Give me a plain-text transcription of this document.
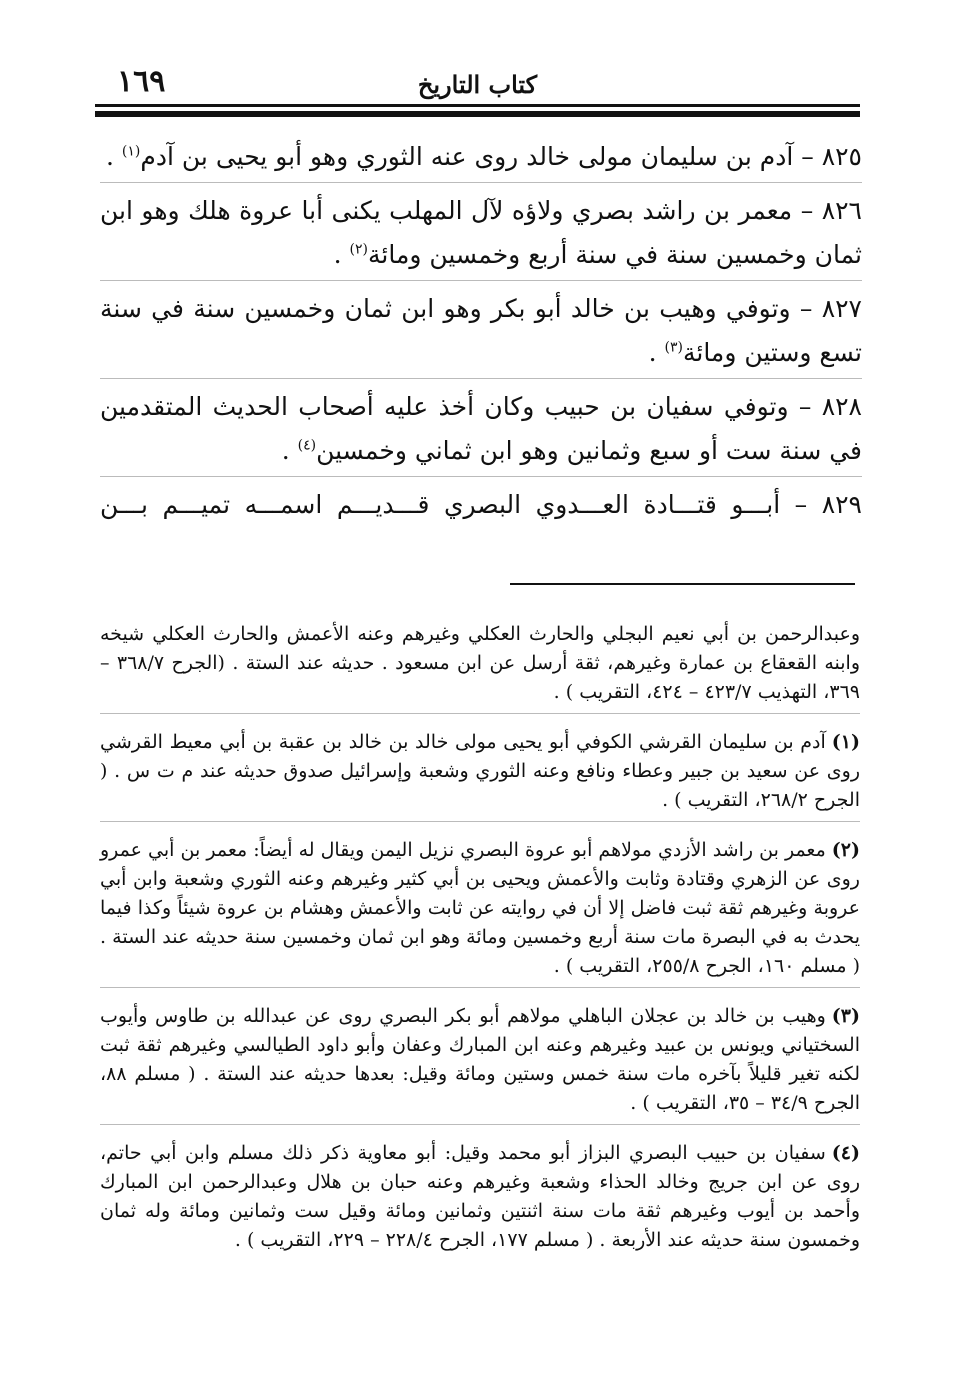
١٦٩	كتاب التاريخ

٨٢٥ – آدم بن سليمان مولى خالد روى عنه الثوري وهو أبو يحيى بن آدم$^{(١)}$ .

٨٢٦ – معمر بن راشد بصري ولاؤه لآل المهلب يكنى أبا عروة هلك وهو ابن ثمان وخمسين سنة في سنة أربع وخمسين ومائة$^{(٢)}$ .

٨٢٧ – وتوفي وهيب بن خالد أبو بكر وهو ابن ثمان وخمسين سنة في سنة تسع وستين ومائة$^{(٣)}$ .

٨٢٨ – وتوفي سفيان بن حبيب وكان أخذ عليه أصحاب الحديث المتقدمين في سنة ست أو سبع وثمانين وهو ابن ثماني وخمسين$^{(٤)}$ .

٨٢٩ – أبـــو قتـــادة العـــدوي البصري قـــديـــم اسمـــه تميـــم بـــن

وعبدالرحمن بن أبي نعيم البجلي والحارث العكلي وغيرهم وعنه الأعمش والحارث العكلي شيخه وابنه القعقاع بن عمارة وغيرهم، ثقة أرسل عن ابن مسعود . حديثه عند الستة . (الجرح ٣٦٨/٧ – ٣٦٩، التهذيب ٤٢٣/٧ – ٤٢٤، التقريب ) .

(١)آدم بن سليمان القرشي الكوفي أبو يحيى مولى خالد بن خالد بن عقبة بن أبي معيط القرشي روى عن سعيد بن جبير وعطاء ونافع وعنه الثوري وشعبة وإسرائيل صدوق حديثه عند م ت س . ( الجرح ٢٦٨/٢، التقريب ) .

(٢)معمر بن راشد الأزدي مولاهم أبو عروة البصري نزيل اليمن ويقال له أيضاً: معمر بن أبي عمرو روى عن الزهري وقتادة وثابت والأعمش ويحيى بن أبي كثير وغيرهم وعنه الثوري وشعبة وابن أبي عروبة وغيرهم ثقة ثبت فاضل إلا أن في روايته عن ثابت والأعمش وهشام بن عروة شيئاً وكذا فيما يحدث به في البصرة مات سنة أربع وخمسين ومائة وهو ابن ثمان وخمسين سنة حديثه عند الستة . ( مسلم ١٦٠، الجرح ٢٥٥/٨، التقريب ) .

(٣)وهيب بن خالد بن عجلان الباهلي مولاهم أبو بكر البصري روى عن عبدالله بن طاوس وأيوب السختياني ويونس بن عبيد وغيرهم وعنه ابن المبارك وعفان وأبو داود الطيالسي وغيرهم ثقة ثبت لكنه تغير قليلاً بآخره مات سنة خمس وستين ومائة وقيل: بعدها حديثه عند الستة . ( مسلم ٨٨، الجرح ٣٤/٩ – ٣٥، التقريب ) .

(٤)سفيان بن حبيب البصري البزاز أبو محمد وقيل: أبو معاوية ذكر ذلك مسلم وابن أبي حاتم، روى عن ابن جريج وخالد الحذاء وشعبة وغيرهم وعنه حبان بن هلال وعبدالرحمن ابن المبارك وأحمد بن أيوب وغيرهم ثقة مات سنة اثنتين وثمانين ومائة وقيل ست وثمانين ومائة وله ثمان وخمسون سنة حديثه عند الأربعة . ( مسلم ١٧٧، الجرح ٢٢٨/٤ – ٢٢٩، التقريب ) .
